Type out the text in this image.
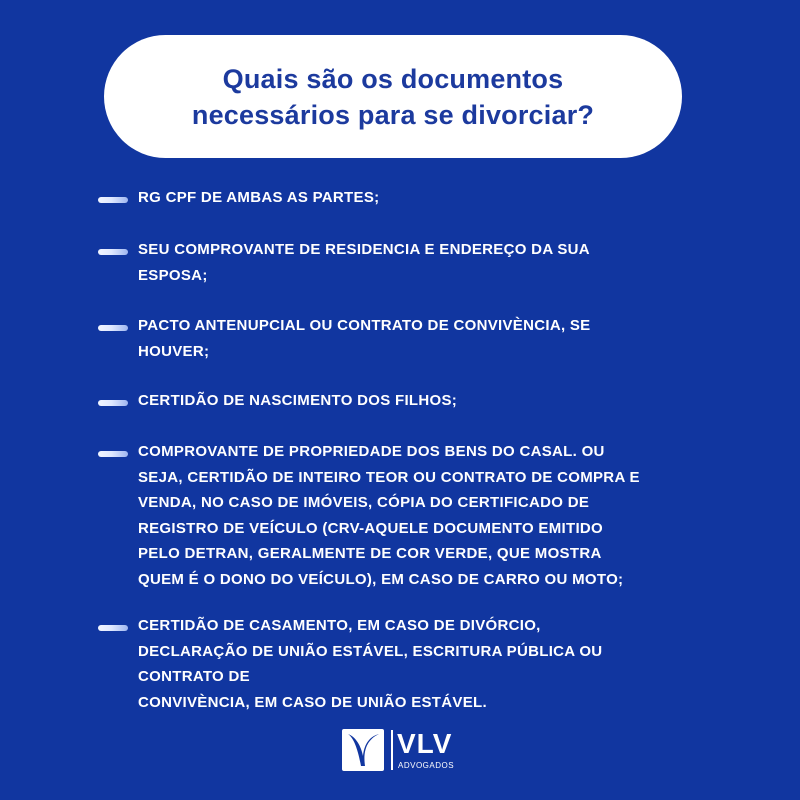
Quais são os documentos
necessários para se divorciar?

RG CPF DE AMBAS AS PARTES;

SEU COMPROVANTE DE RESIDENCIA E ENDEREÇO DA SUA
ESPOSA;

PACTO ANTENUPCIAL OU CONTRATO DE CONVIVÈNCIA, SE
HOUVER;

CERTIDÃO DE NASCIMENTO DOS FILHOS;

COMPROVANTE DE PROPRIEDADE DOS BENS DO CASAL. OU
SEJA, CERTIDÃO DE INTEIRO TEOR OU CONTRATO DE COMPRA E
VENDA, NO CASO DE IMÓVEIS, CÓPIA DO CERTIFICADO DE
REGISTRO DE VEÍCULO (CRV-AQUELE DOCUMENTO EMITIDO
PELO DETRAN, GERALMENTE DE COR VERDE, QUE MOSTRA
QUEM É O DONO DO VEÍCULO), EM CASO DE CARRO OU MOTO;

CERTIDÃO DE CASAMENTO, EM CASO DE DIVÓRCIO,
DECLARAÇÃO DE UNIÃO ESTÁVEL, ESCRITURA PÚBLICA OU
CONTRATO DE
CONVIVÈNCIA, EM CASO DE UNIÃO ESTÁVEL.

VLV
ADVOGADOS
